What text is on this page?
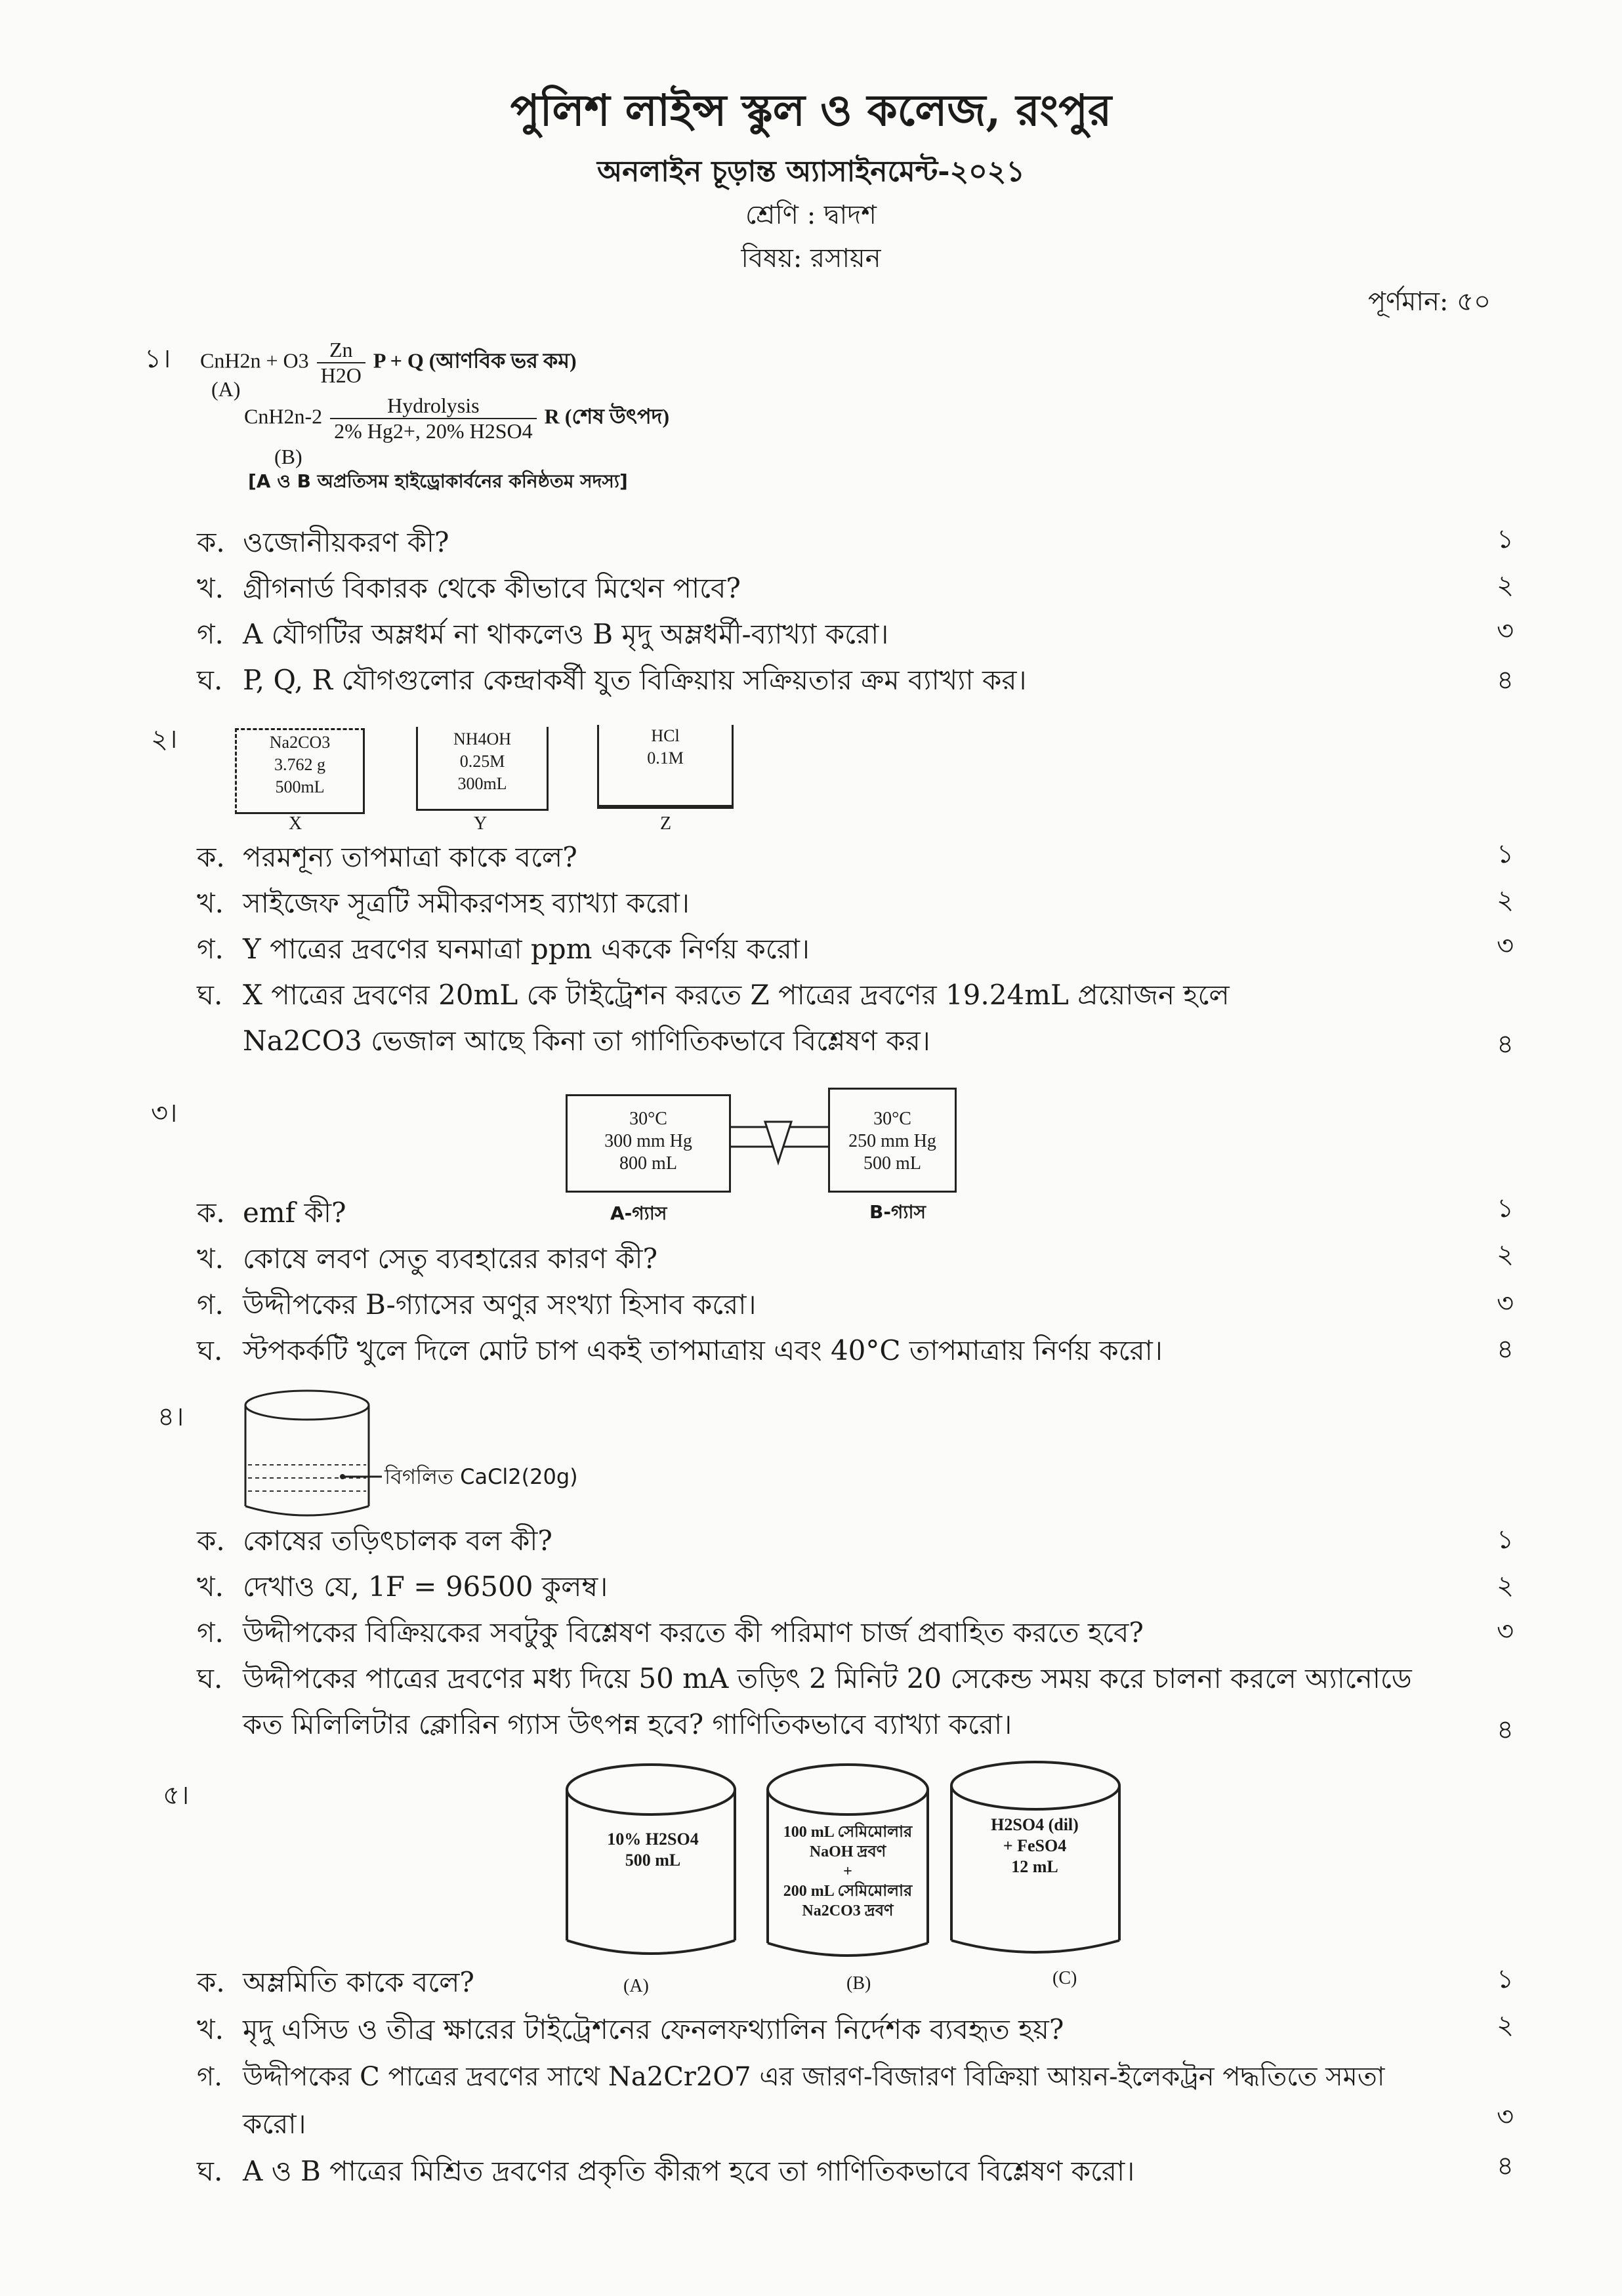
পুলিশ লাইন্স স্কুল ও কলেজ, রংপুর
অনলাইন চূড়ান্ত অ্যাসাইনমেন্ট-২০২১
শ্রেণি : দ্বাদশ
বিষয়: রসায়ন
পূর্ণমান: ৫০
১। $CnH2n + O3 \frac{Zn}{H2O}$ P + Q (আণবিক ভর কম)
(A)
$CnH2n-2 \frac{\text{Hydrolysis}}{2\% Hg2+, 20\% H2SO4}$ R (শেষ উৎপদ)
(B)
[A ও B অপ্রতিসম হাইড্রোকার্বনের কনিষ্ঠতম সদস্য]
ক. ওজোনীয়করণ কী?
খ. গ্রীগনার্ড বিকারক থেকে কীভাবে মিথেন পাবে?
গ. A যৌগটির অম্লধর্ম না থাকলেও B মৃদু অম্লধর্মী-ব্যাখ্যা করো।
ঘ. P, Q, R যৌগগুলোর কেন্দ্রাকর্ষী যুত বিক্রিয়ায় সক্রিয়তার ক্রম ব্যাখ্যা কর।
১
২
৩
৪
২।	Na2CO3
3.762 g
500mL
X
NH4OH
0.25M
300mL
Y
HCl
0.1M
Z
ক. পরমশূন্য তাপমাত্রা কাকে বলে?
খ. সাইজেফ সূত্রটি সমীকরণসহ ব্যাখ্যা করো।
গ. Y পাত্রের দ্রবণের ঘনমাত্রা ppm এককে নির্ণয় করো।
ঘ. X পাত্রের দ্রবণের 20mL কে টাইট্রেশন করতে Z পাত্রের দ্রবণের 19.24mL প্রয়োজন হলে
Na2CO3 ভেজাল আছে কিনা তা গাণিতিকভাবে বিশ্লেষণ কর।
১
২
৩
৪
৩।	30°C
300 mm Hg
800 mL
30°C
250 mm Hg
500 mL
A-গ্যাস	B-গ্যাস
ক. emf কী?
খ. কোষে লবণ সেতু ব্যবহারের কারণ কী?
গ. উদ্দীপকের B-গ্যাসের অণুর সংখ্যা হিসাব করো।
ঘ. স্টপকর্কটি খুলে দিলে মোট চাপ একই তাপমাত্রায় এবং 40°C তাপমাত্রায় নির্ণয় করো।
১
২
৩
৪
৪।
বিগলিত CaCl2(20g)
ক. কোষের তড়িৎচালক বল কী?
খ. দেখাও যে, 1F = 96500 কুলম্ব।
গ. উদ্দীপকের বিক্রিয়কের সবটুকু বিশ্লেষণ করতে কী পরিমাণ চার্জ প্রবাহিত করতে হবে?
ঘ. উদ্দীপকের পাত্রের দ্রবণের মধ্য দিয়ে 50 mA তড়িৎ 2 মিনিট 20 সেকেন্ড সময় করে চালনা করলে অ্যানোডে
কত মিলিলিটার ক্লোরিন গ্যাস উৎপন্ন হবে? গাণিতিকভাবে ব্যাখ্যা করো।
১
২
৩
৪
৫।
10% H2SO4
500 mL
100 mL সেমিমোলার
NaOH দ্রবণ
+
200 mL সেমিমোলার
Na2CO3 দ্রবণ
H2SO4 (dil)
+ FeSO4
12 mL
(A)	(B)	(C)
ক. অম্লমিতি কাকে বলে?
খ. মৃদু এসিড ও তীব্র ক্ষারের টাইট্রেশনের ফেনলফথ্যালিন নির্দেশক ব্যবহৃত হয়?
গ. উদ্দীপকের C পাত্রের দ্রবণের সাথে Na2Cr2O7 এর জারণ-বিজারণ বিক্রিয়া আয়ন-ইলেকট্রন পদ্ধতিতে সমতা
করো।
ঘ. A ও B পাত্রের মিশ্রিত দ্রবণের প্রকৃতি কীরূপ হবে তা গাণিতিকভাবে বিশ্লেষণ করো।
১
২
৩
৪
